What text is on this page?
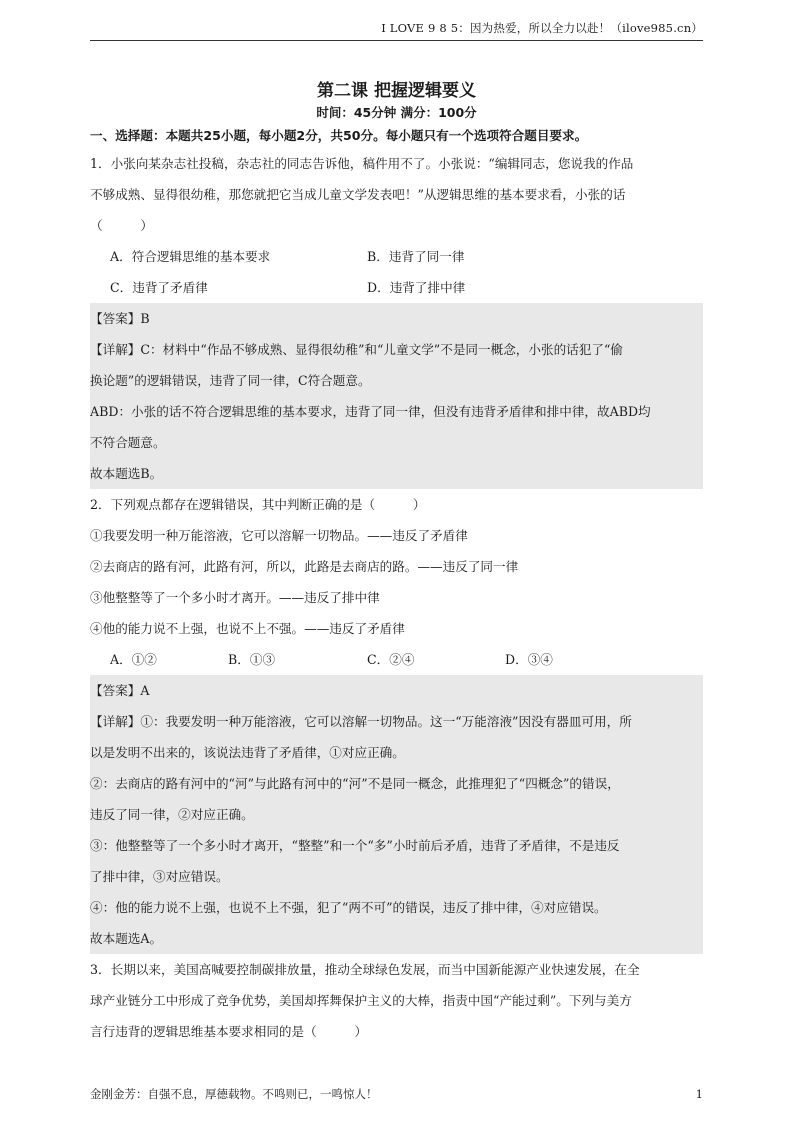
I LOVE 9 8 5：因为热爱，所以全力以赴！（ilove985.cn）
第二课 把握逻辑要义
时间：45分钟 满分：100分
一、选择题：本题共25小题，每小题2分，共50分。每小题只有一个选项符合题目要求。
1．小张向某杂志社投稿，杂志社的同志告诉他，稿件用不了。小张说：“编辑同志，您说我的作品
不够成熟、显得很幼稚，那您就把它当成儿童文学发表吧！”从逻辑思维的基本要求看，小张的话
（　　　）
A．符合逻辑思维的基本要求	B．违背了同一律
C．违背了矛盾律	D．违背了排中律
【答案】B
【详解】C：材料中“作品不够成熟、显得很幼稚”和“儿童文学”不是同一概念，小张的话犯了“偷
换论题”的逻辑错误，违背了同一律，C符合题意。
ABD：小张的话不符合逻辑思维的基本要求，违背了同一律，但没有违背矛盾律和排中律，故ABD均
不符合题意。
故本题选B。
2．下列观点都存在逻辑错误，其中判断正确的是（　　　）
①我要发明一种万能溶液，它可以溶解一切物品。——违反了矛盾律
②去商店的路有河，此路有河，所以，此路是去商店的路。——违反了同一律
③他整整等了一个多小时才离开。——违反了排中律
④他的能力说不上强，也说不上不强。——违反了矛盾律
A．①②	B．①③	C．②④	D．③④
【答案】A
【详解】①：我要发明一种万能溶液，它可以溶解一切物品。这一“万能溶液”因没有器皿可用，所
以是发明不出来的，该说法违背了矛盾律，①对应正确。
②：去商店的路有河中的“河”与此路有河中的“河”不是同一概念，此推理犯了“四概念”的错误，
违反了同一律，②对应正确。
③：他整整等了一个多小时才离开，“整整”和一个“多”小时前后矛盾，违背了矛盾律，不是违反
了排中律，③对应错误。
④：他的能力说不上强，也说不上不强，犯了“两不可”的错误，违反了排中律，④对应错误。
故本题选A。
3．长期以来，美国高喊要控制碳排放量，推动全球绿色发展，而当中国新能源产业快速发展，在全
球产业链分工中形成了竞争优势，美国却挥舞保护主义的大棒，指责中国“产能过剩”。下列与美方
言行违背的逻辑思维基本要求相同的是（　　　）
金刚金芳：自强不息，厚德载物。不鸣则已，一鸣惊人！	1
